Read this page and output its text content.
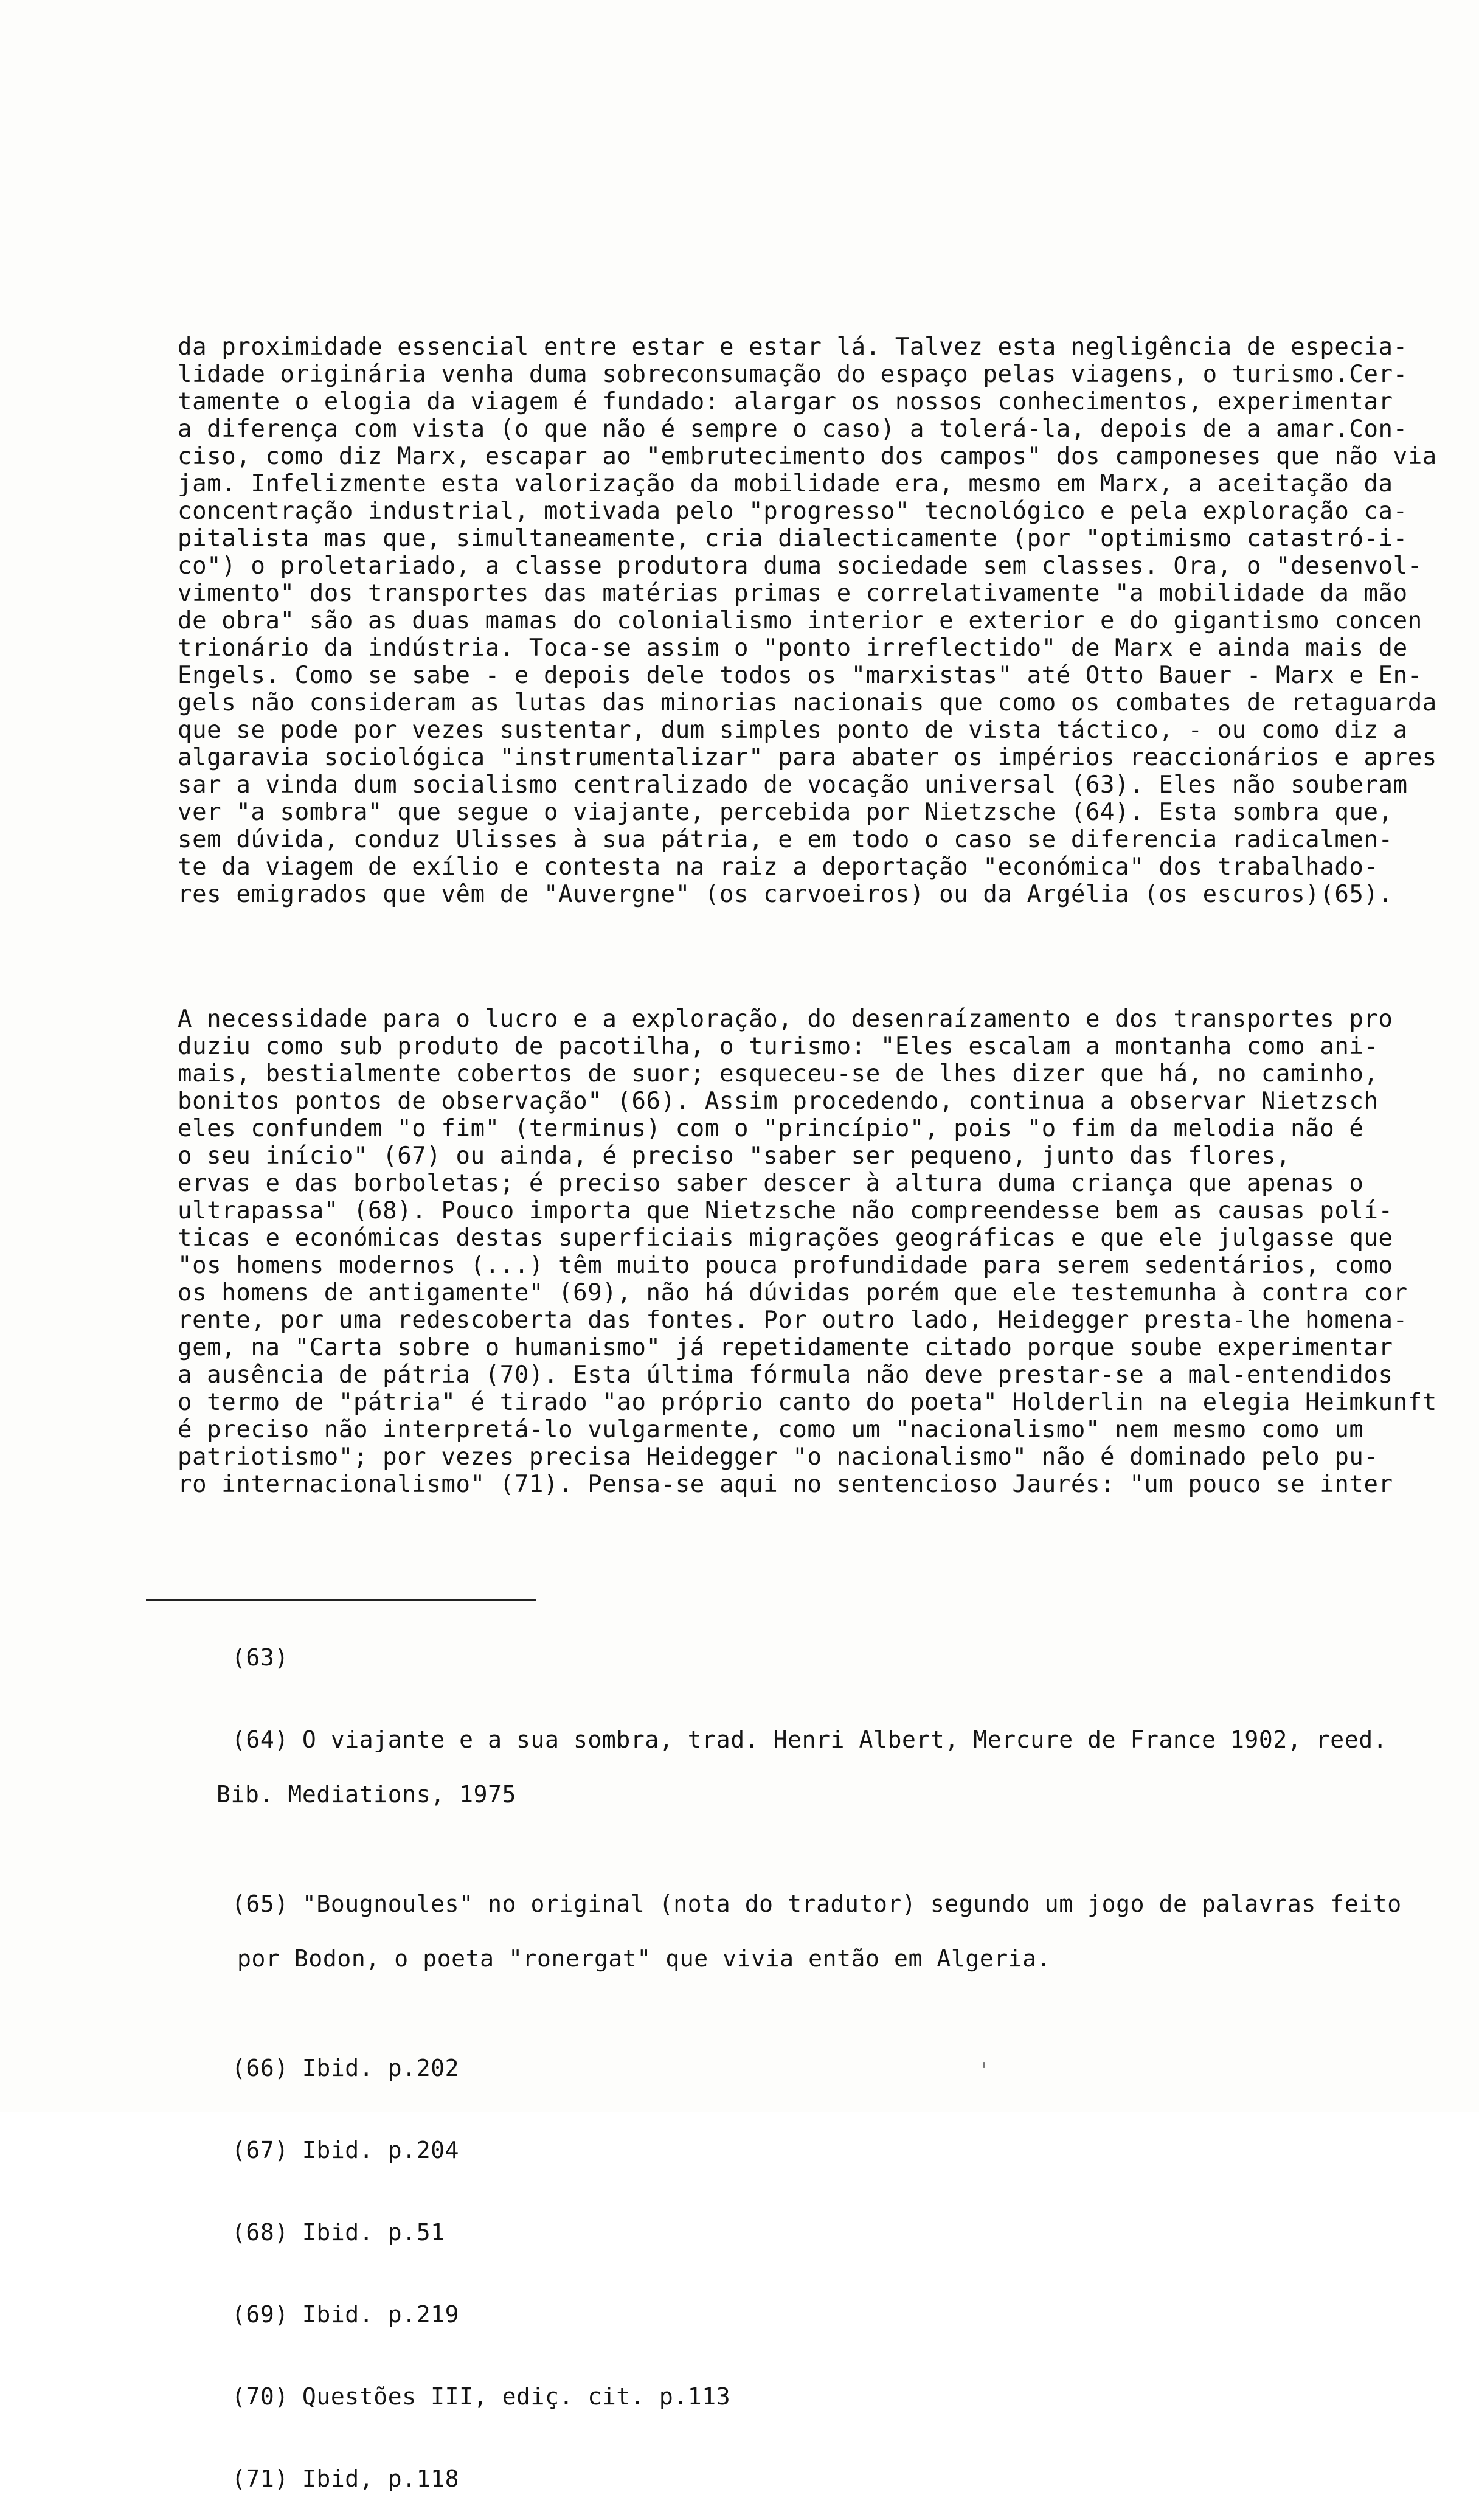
da proximidade essencial entre estar e estar lá. Talvez esta negligência de especia-
lidade originária venha duma sobreconsumação do espaço pelas viagens, o turismo.Cer-
tamente o elogia da viagem é fundado: alargar os nossos conhecimentos, experimentar
a diferença com vista (o que não é sempre o caso) a tolerá-la, depois de a amar.Con-
ciso, como diz Marx, escapar ao "embrutecimento dos campos" dos camponeses que não via
jam. Infelizmente esta valorização da mobilidade era, mesmo em Marx, a aceitação da
concentração industrial, motivada pelo "progresso" tecnológico e pela exploração ca-
pitalista mas que, simultaneamente, cria dialecticamente (por "optimismo catastró-i-
co") o proletariado, a classe produtora duma sociedade sem classes. Ora, o "desenvol-
vimento" dos transportes das matérias primas e correlativamente "a mobilidade da mão
de obra" são as duas mamas do colonialismo interior e exterior e do gigantismo concen
trionário da indústria. Toca-se assim o "ponto irreflectido" de Marx e ainda mais de
Engels. Como se sabe - e depois dele todos os "marxistas" até Otto Bauer - Marx e En-
gels não consideram as lutas das minorias nacionais que como os combates de retaguarda
que se pode por vezes sustentar, dum simples ponto de vista táctico, - ou como diz a
algaravia sociológica "instrumentalizar" para abater os impérios reaccionários e apres
sar a vinda dum socialismo centralizado de vocação universal (63). Eles não souberam
ver "a sombra" que segue o viajante, percebida por Nietzsche (64). Esta sombra que,
sem dúvida, conduz Ulisses à sua pátria, e em todo o caso se diferencia radicalmen-
te da viagem de exílio e contesta na raiz a deportação "económica" dos trabalhado-
res emigrados que vêm de "Auvergne" (os carvoeiros) ou da Argélia (os escuros)(65).
A necessidade para o lucro e a exploração, do desenraízamento e dos transportes pro
duziu como sub produto de pacotilha, o turismo: "Eles escalam a montanha como ani-
mais, bestialmente cobertos de suor; esqueceu-se de lhes dizer que há, no caminho,
bonitos pontos de observação" (66). Assim procedendo, continua a observar Nietzsch
eles confundem "o fim" (terminus) com o "princípio", pois "o fim da melodia não é
o seu início" (67) ou ainda, é preciso "saber ser pequeno, junto das flores,
ervas e das borboletas; é preciso saber descer à altura duma criança que apenas o
ultrapassa" (68). Pouco importa que Nietzsche não compreendesse bem as causas polí-
ticas e económicas destas superficiais migrações geográficas e que ele julgasse que
"os homens modernos (...) têm muito pouca profundidade para serem sedentários, como
os homens de antigamente" (69), não há dúvidas porém que ele testemunha à contra cor
rente, por uma redescoberta das fontes. Por outro lado, Heidegger presta-lhe homena-
gem, na "Carta sobre o humanismo" já repetidamente citado porque soube experimentar
a ausência de pátria (70). Esta última fórmula não deve prestar-se a mal-entendidos
o termo de "pátria" é tirado "ao próprio canto do poeta" Holderlin na elegia Heimkunft
é preciso não interpretá-lo vulgarmente, como um "nacionalismo" nem mesmo como um
patriotismo"; por vezes precisa Heidegger "o nacionalismo" não é dominado pelo pu-
ro internacionalismo" (71). Pensa-se aqui no sentencioso Jaurés: "um pouco se inter

(63)

(64) O viajante e a sua sombra, trad. Henri Albert, Mercure de France 1902, reed.

Bib. Mediations, 1975

(65) "Bougnoules" no original (nota do tradutor) segundo um jogo de palavras feito

por Bodon, o poeta "ronergat" que vivia então em Algeria.

(66) Ibid. p.202

(67) Ibid. p.204

(68) Ibid. p.51

(69) Ibid. p.219

(70) Questões III, ediç. cit. p.113

(71) Ibid, p.118
